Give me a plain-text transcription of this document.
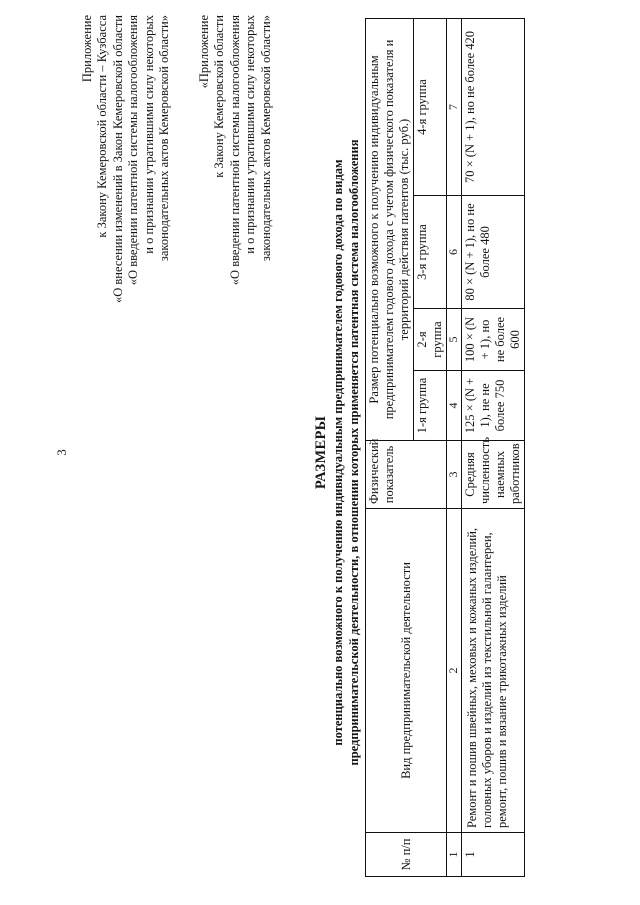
3
Приложение к Закону Кемеровской области – Кузбасса «О внесении изменений в Закон Кемеровской области «О введении патентной системы налогообложения и о признании утратившими силу некоторых законодательных актов Кемеровской области» «Приложение к Закону Кемеровской области «О введении патентной системы налогообложения и о признании утратившими силу некоторых законодательных актов Кемеровской области»
РАЗМЕРЫ потенциально возможного к получению индивидуальным предпринимателем годового дохода по видам предпринимательской деятельности, в отношении которых применяется патентная система налогообложения
№ п/п	Вид предпринимательской деятельности	Физический показатель	Размер потенциально возможного к получению индивидуальным предпринимателем годового дохода с учетом физического показателя и территорий действия патентов (тыс. руб.)			
			1-я группа	2-я группа	3-я группа	4-я группа
1	2	3	4	5	6	7
1	Ремонт и пошив швейных, меховых и кожаных изделий, головных уборов и изделий из текстильной галантереи, ремонт, пошив и вязание трикотажных изделий	Средняя численность наемных работников	125 × (N + 1), не не более 750	100 × (N + 1), но не более 600	80 × (N + 1), но не более 480	70 × (N + 1), но не более 420
